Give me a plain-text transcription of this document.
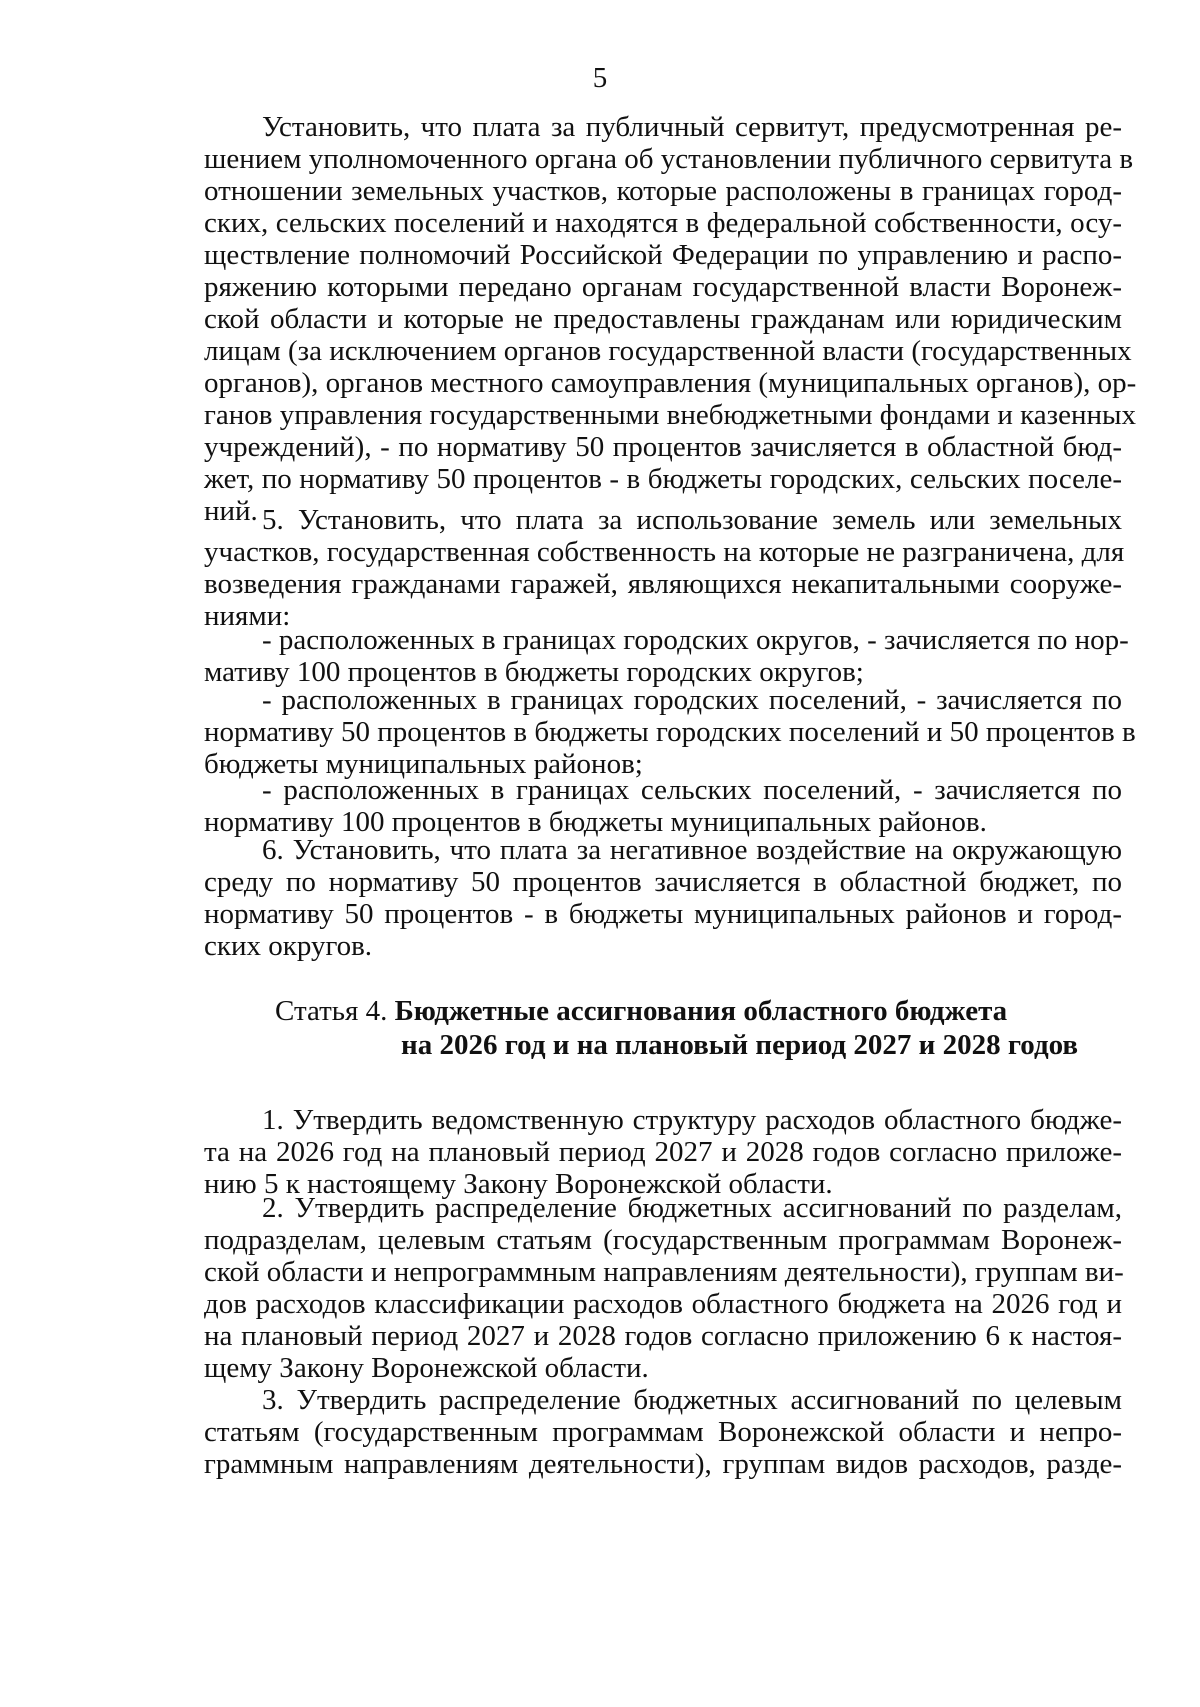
5
Установить, что плата за публичный сервитут, предусмотренная ре-
шением уполномоченного органа об установлении публичного сервитута в
отношении земельных участков, которые расположены в границах город-
ских, сельских поселений и находятся в федеральной собственности, осу-
ществление полномочий Российской Федерации по управлению и распо-
ряжению которыми передано органам государственной власти Воронеж-
ской области и которые не предоставлены гражданам или юридическим
лицам (за исключением органов государственной власти (государственных
органов), органов местного самоуправления (муниципальных органов), ор-
ганов управления государственными внебюджетными фондами и казенных
учреждений), - по нормативу 50 процентов зачисляется в областной бюд-
жет, по нормативу 50 процентов - в бюджеты городских, сельских поселе-
ний. 5. Установить, что плата за использование земель или земельных
участков, государственная собственность на которые не разграничена, для
возведения гражданами гаражей, являющихся некапитальными сооруже-
ниями:
- расположенных в границах городских округов, - зачисляется по нор-
мативу 100 процентов в бюджеты городских округов;
- расположенных в границах городских поселений, - зачисляется по
нормативу 50 процентов в бюджеты городских поселений и 50 процентов в
бюджеты муниципальных районов;
- расположенных в границах сельских поселений, - зачисляется по
нормативу 100 процентов в бюджеты муниципальных районов.
6. Установить, что плата за негативное воздействие на окружающую
среду по нормативу 50 процентов зачисляется в областной бюджет, по
нормативу 50 процентов - в бюджеты муниципальных районов и город-
ских округов.
Статья 4. Бюджетные ассигнования областного бюджета
на 2026 год и на плановый период 2027 и 2028 годов
1. Утвердить ведомственную структуру расходов областного бюдже-
та на 2026 год на плановый период 2027 и 2028 годов согласно приложе-
нию 5 к настоящему Закону Воронежской области.
2. Утвердить распределение бюджетных ассигнований по разделам,
подразделам, целевым статьям (государственным программам Воронеж-
ской области и непрограммным направлениям деятельности), группам ви-
дов расходов классификации расходов областного бюджета на 2026 год и
на плановый период 2027 и 2028 годов согласно приложению 6 к настоя-
щему Закону Воронежской области.
3. Утвердить распределение бюджетных ассигнований по целевым
статьям (государственным программам Воронежской области и непро-
граммным направлениям деятельности), группам видов расходов, разде-
